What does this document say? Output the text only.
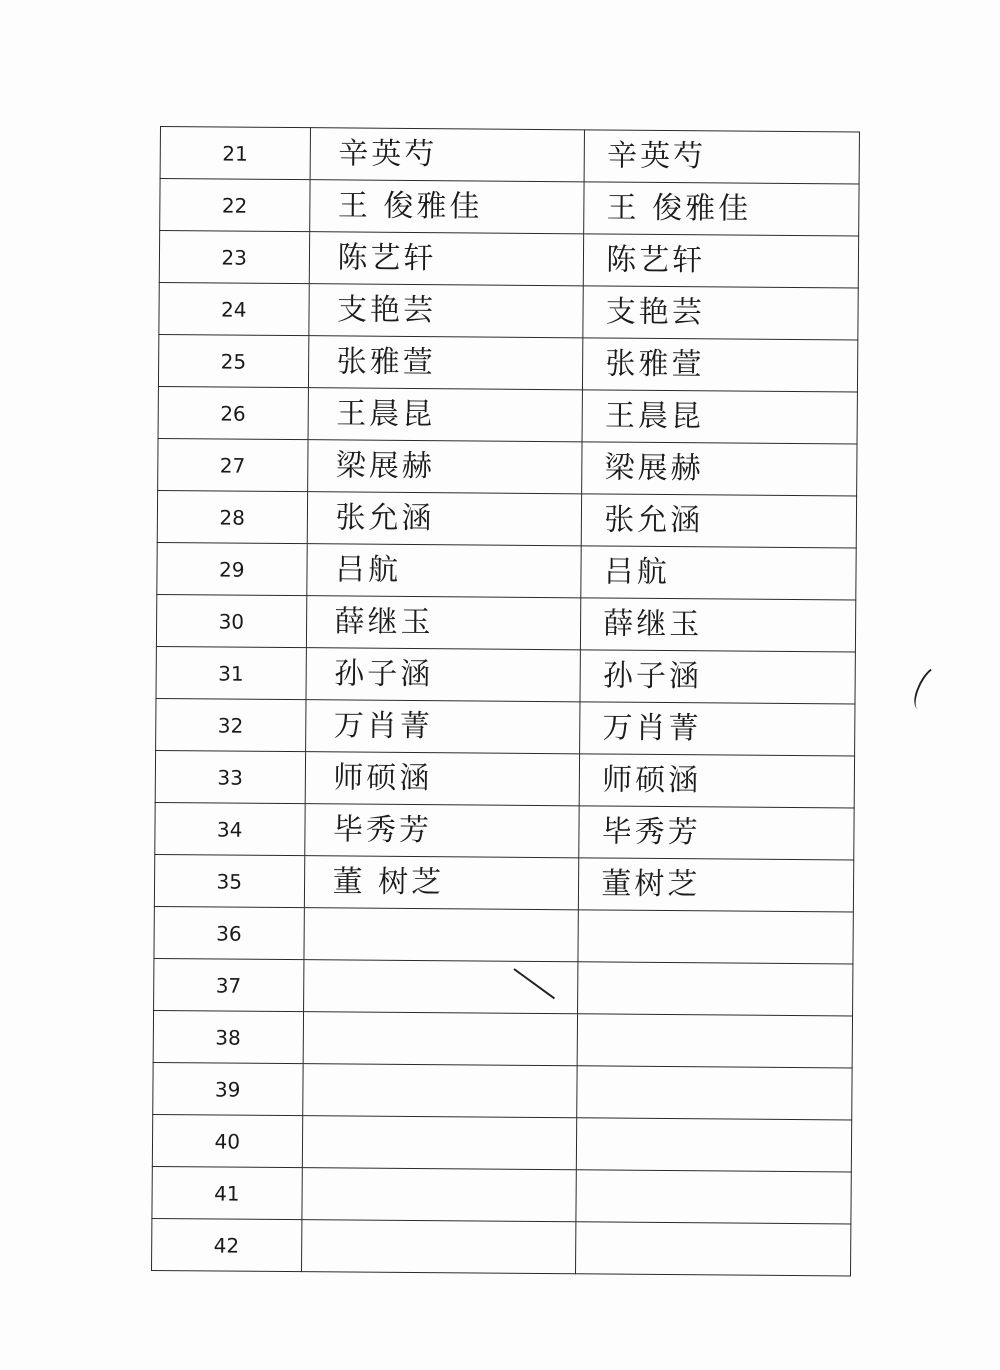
21	辛英芍	辛英芍

22	王 俊雅佳	王 俊雅佳

23	陈艺轩	陈艺轩

24	支艳芸	支艳芸

25	张雅萱	张雅萱

26	王晨昆	王晨昆

27	梁展赫	梁展赫

28	张允涵	张允涵

29	吕航	吕航

30	薛继玉	薛继玉

31	孙子涵	孙子涵

32	万肖菁	万肖菁

33	师硕涵	师硕涵

34	毕秀芳	毕秀芳

35	董 树芝	董树芝

36	

37	

38	

39	

40	

41	

42	
